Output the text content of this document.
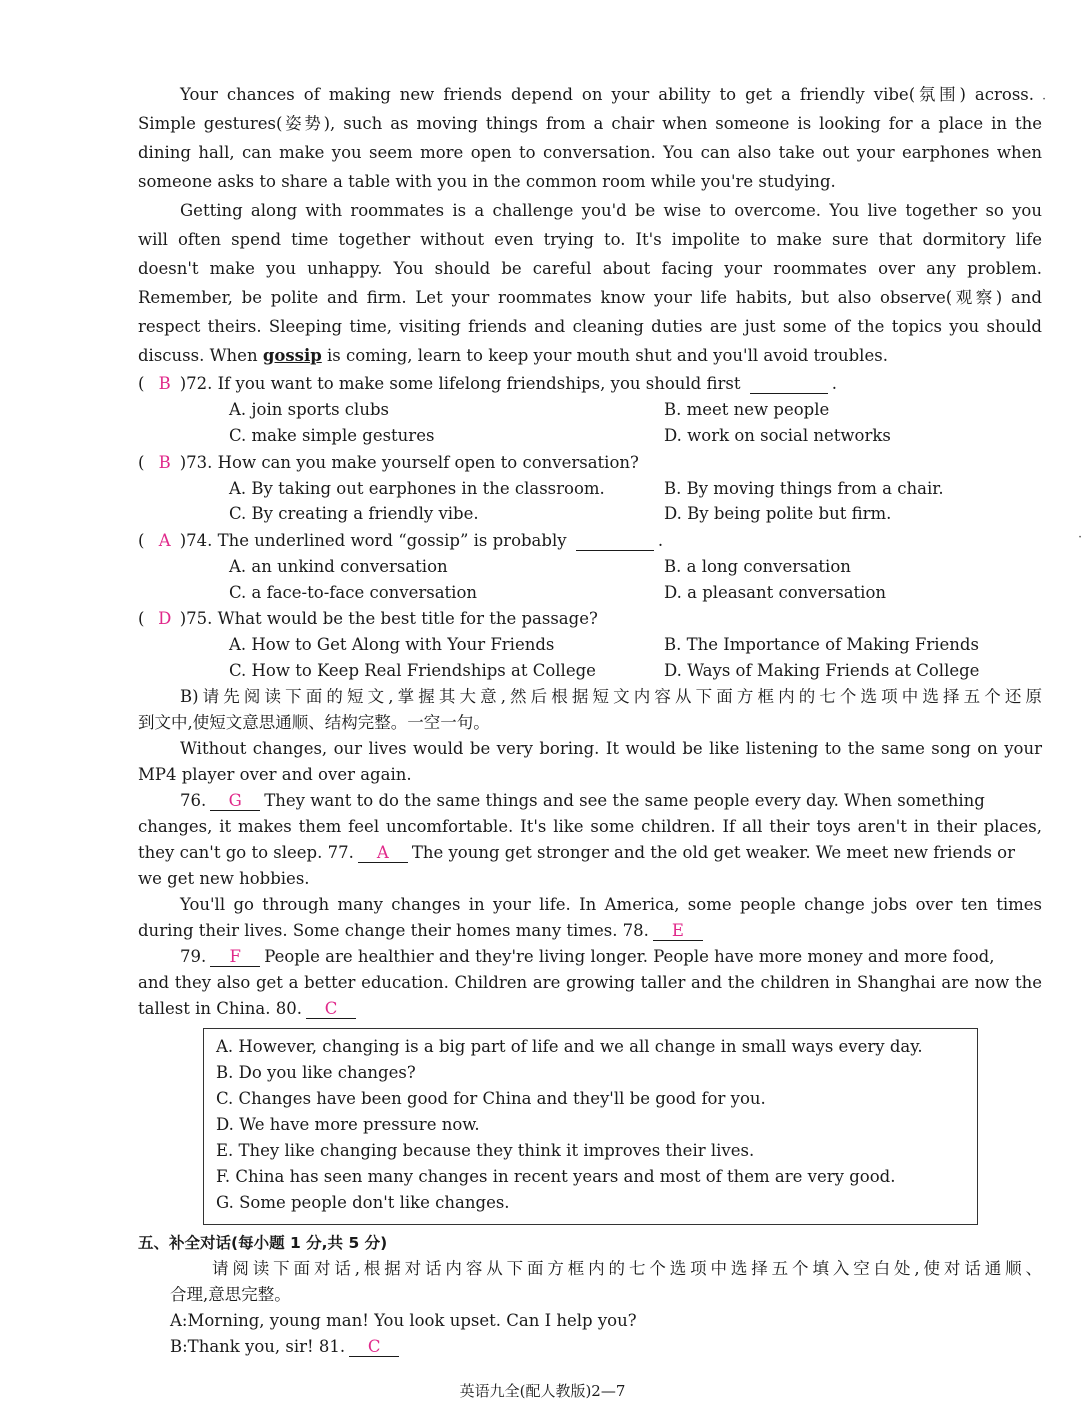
Your chances of making new friends depend on your ability to get a friendly vibe(氛围) across.
Simple gestures(姿势), such as moving things from a chair when someone is looking for a place in the
dining hall, can make you seem more open to conversation. You can also take out your earphones when
someone asks to share a table with you in the common room while you're studying.
Getting along with roommates is a challenge you'd be wise to overcome. You live together so you
will often spend time together without even trying to. It's impolite to make sure that dormitory life
doesn't make you unhappy. You should be careful about facing your roommates over any problem.
Remember, be polite and firm. Let your roommates know your life habits, but also observe(观察) and
respect theirs. Sleeping time, visiting friends and cleaning duties are just some of the topics you should
discuss. When gossip is coming, learn to keep your mouth shut and you'll avoid troubles.
( B )72. If you want to make some lifelong friendships, you should first	.
A. join sports clubs	B. meet new people
C. make simple gestures	D. work on social networks
( B )73. How can you make yourself open to conversation?
A. By taking out earphones in the classroom.	B. By moving things from a chair.
C. By creating a friendly vibe.	D. By being polite but firm.
( A )74. The underlined word “gossip” is probably	.
A. an unkind conversation	B. a long conversation
C. a face-to-face conversation	D. a pleasant conversation
( D )75. What would be the best title for the passage?
A. How to Get Along with Your Friends	B. The Importance of Making Friends
C. How to Keep Real Friendships at College	D. Ways of Making Friends at College
B)请先阅读下面的短文,掌握其大意,然后根据短文内容从下面方框内的七个选项中选择五个还原
到文中,使短文意思通顺、结构完整。一空一句。
Without changes, our lives would be very boring. It would be like listening to the same song on your
MP4 player over and over again.
76. G They want to do the same things and see the same people every day. When something
changes, it makes them feel uncomfortable. It's like some children. If all their toys aren't in their places,
they can't go to sleep. 77. A The young get stronger and the old get weaker. We meet new friends or
we get new hobbies.
You'll go through many changes in your life. In America, some people change jobs over ten times
during their lives. Some change their homes many times. 78. E
79. F People are healthier and they're living longer. People have more money and more food,
and they also get a better education. Children are growing taller and the children in Shanghai are now the
tallest in China. 80. C
A. However, changing is a big part of life and we all change in small ways every day.
B. Do you like changes?
C. Changes have been good for China and they'll be good for you.
D. We have more pressure now.
E. They like changing because they think it improves their lives.
F. China has seen many changes in recent years and most of them are very good.
G. Some people don't like changes.
五、补全对话(每小题 1 分,共 5 分)
请阅读下面对话,根据对话内容从下面方框内的七个选项中选择五个填入空白处,使对话通顺、
合理,意思完整。
A:Morning, young man! You look upset. Can I help you?
B:Thank you, sir! 81. C
英语九全(配人教版)2—7
·
·
